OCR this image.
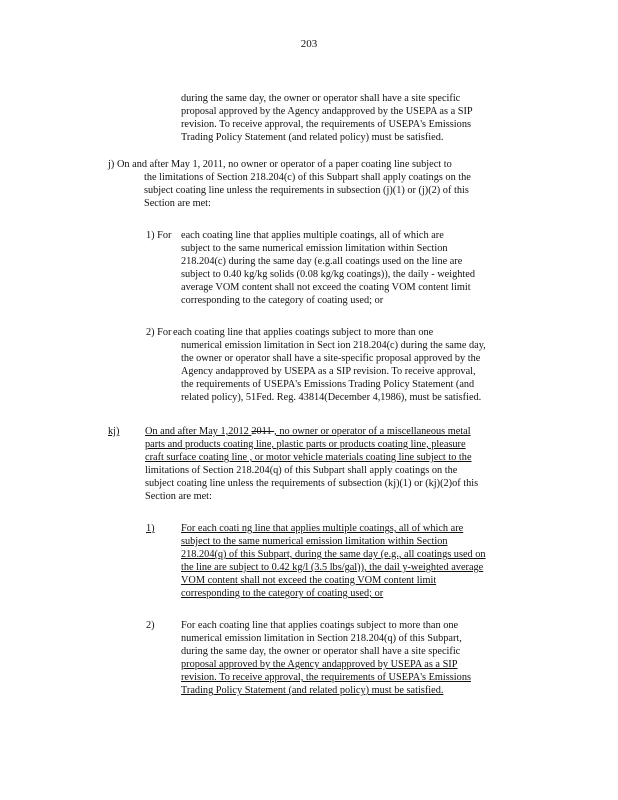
203
during the same day, the owner or operator shall have a site specific
proposal approved by the Agency andapproved by the USEPA as a SIP
revision. To receive approval, the requirements of USEPA's Emissions
Trading Policy Statement (and related policy) must be satisfied.
j) On and after May 1, 2011, no owner or operator of a paper coating line subject to
the limitations of Section 218.204(c) of this Subpart shall apply coatings on the
subject coating line unless the requirements in subsection (j)(1) or (j)(2) of this
Section are met:
1) For each coating line that applies multiple coatings, all of which are
subject to the same numerical emission limitation within Section
218.204(c) during the same day (e.g.all coatings used on the line are
subject to 0.40 kg/kg solids (0.08 kg/kg coatings)), the daily - weighted
average VOM content shall not exceed the coating VOM content limit
corresponding to the category of coating used; or
2) For each coating line that applies coatings subject to more than one
numerical emission limitation in Sect ion 218.204(c) during the same day,
the owner or operator shall have a site-specific proposal approved by the
Agency andapproved by USEPA as a SIP revision. To receive approval,
the requirements of USEPA's Emissions Trading Policy Statement (and
related policy), 51Fed. Reg. 43814(December 4,1986), must be satisfied.
kj) On and after May 1,2012 2011 , no owner or operator of a miscellaneous metal
parts and products coating line, plastic parts or products coating line, pleasure
craft surface coating line , or motor vehicle materials coating line subject to the
limitations of Section 218.204(q) of this Subpart shall apply coatings on the
subject coating line unless the requirements of subsection (kj)(1) or (kj)(2)of this
Section are met:
1)	For each coati ng line that applies multiple coatings, all of which are
subject to the same numerical emission limitation within Section
218.204(q) of this Subpart, during the same day (e.g., all coatings used on
the line are subject to 0.42 kg/l (3.5 lbs/gal)), the dail y-weighted average
VOM content shall not exceed the coating VOM content limit
corresponding to the category of coating used; or
2)	For each coating line that applies coatings subject to more than one
numerical emission limitation in Section 218.204(q) of this Subpart,
during the same day, the owner or operator shall have a site specific
proposal approved by the Agency andapproved by USEPA as a SIP
revision. To receive approval, the requirements of USEPA's Emissions
Trading Policy Statement (and related policy) must be satisfied.
